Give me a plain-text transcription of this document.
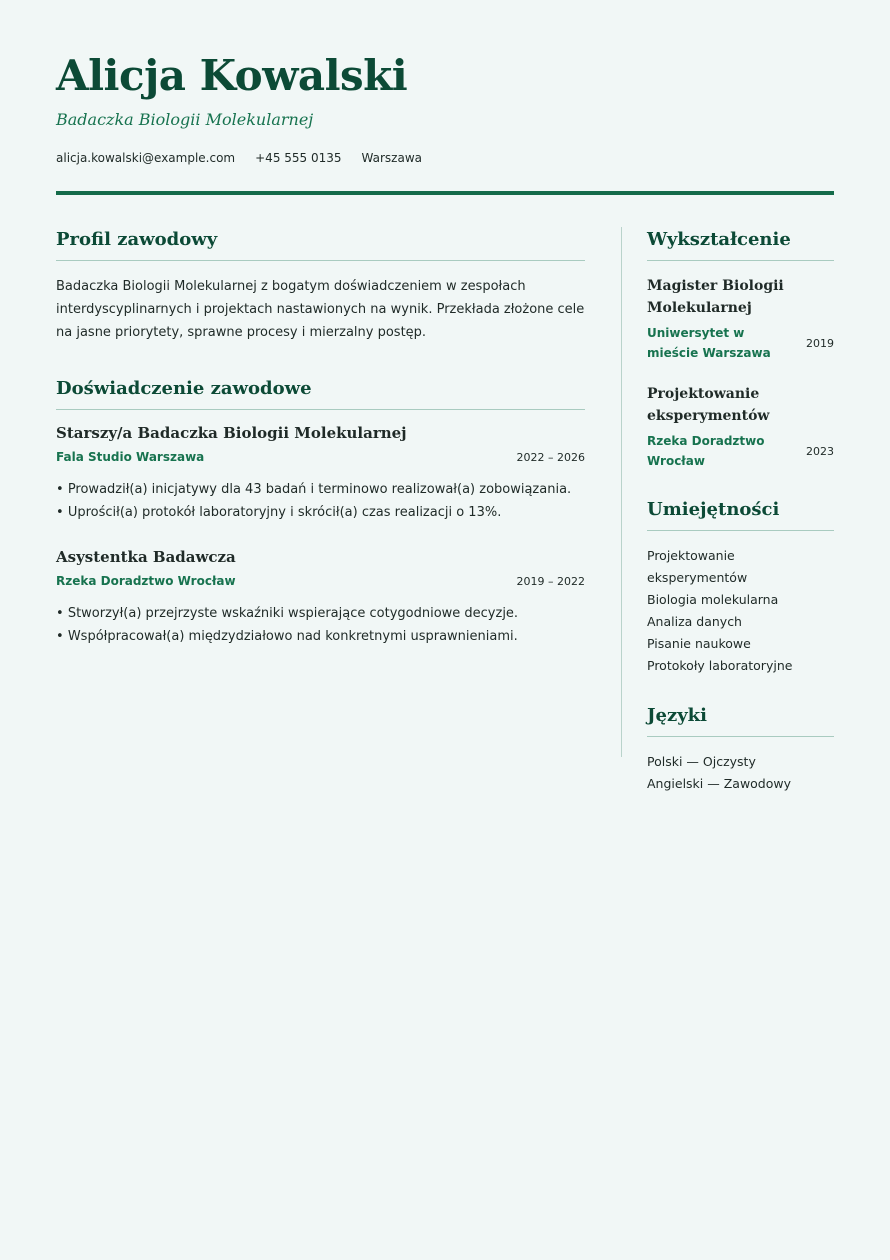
Alicja Kowalski
Badaczka Biologii Molekularnej
alicja.kowalski@example.com +45 555 0135 Warszawa
Profil zawodowy
Badaczka Biologii Molekularnej z bogatym doświadczeniem w zespołach interdyscyplinarnych i projektach nastawionych na wynik. Przekłada złożone cele na jasne priorytety, sprawne procesy i mierzalny postęp.
Doświadczenie zawodowe
Starszy/a Badaczka Biologii Molekularnej
Fala Studio Warszawa	2022 – 2026
• Prowadził(a) inicjatywy dla 43 badań i terminowo realizował(a) zobowiązania.
• Uprościł(a) protokół laboratoryjny i skrócił(a) czas realizacji o 13%.
Asystentka Badawcza
Rzeka Doradztwo Wrocław	2019 – 2022
• Stworzył(a) przejrzyste wskaźniki wspierające cotygodniowe decyzje.
• Współpracował(a) międzydziałowo nad konkretnymi usprawnieniami.
Wykształcenie
Magister Biologii Molekularnej
Uniwersytet w mieście Warszawa
2019
Projektowanie eksperymentów
Rzeka Doradztwo Wrocław
2023
Umiejętności
Projektowanie eksperymentów
Biologia molekularna
Analiza danych
Pisanie naukowe
Protokoły laboratoryjne
Języki
Polski — Ojczysty
Angielski — Zawodowy
